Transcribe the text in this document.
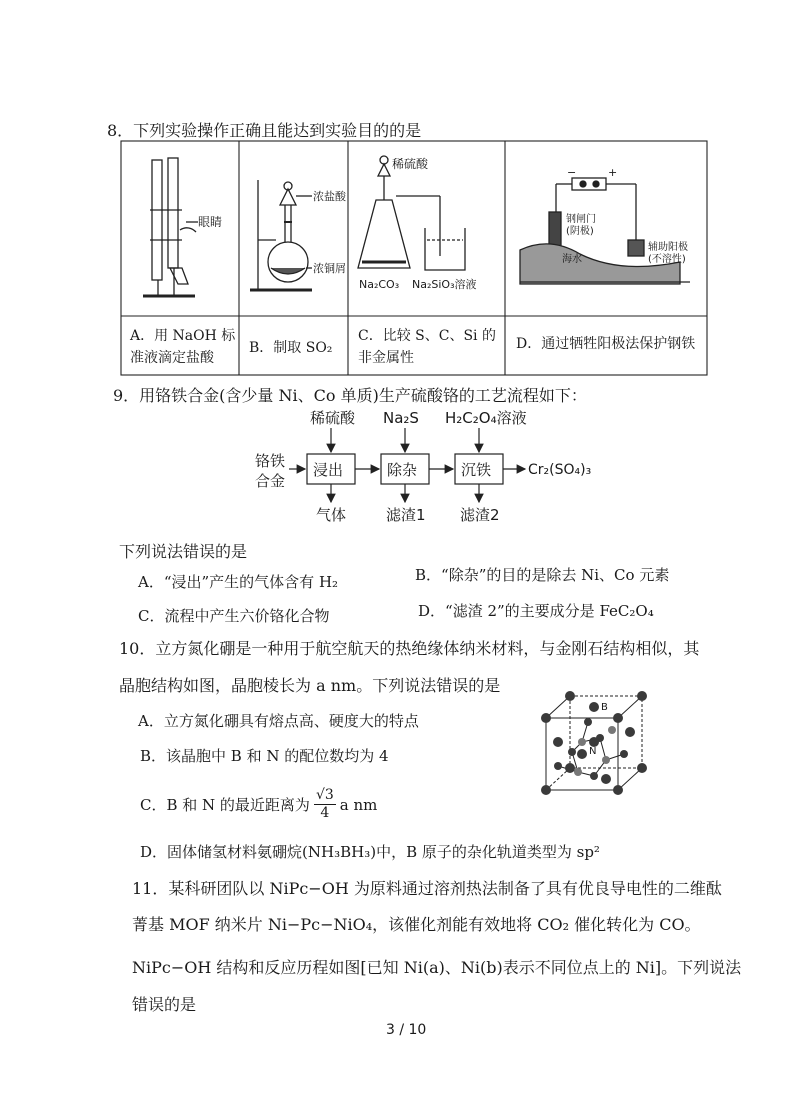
8．下列实验操作正确且能达到实验目的的是
眼睛
浓盐酸
浓铜屑
稀硫酸
Na₂CO₃ Na₂SiO₃溶液
−	+
钢闸门
(阴极)
海水
辅助阳极
(不溶性)
A．用 NaOH 标
准液滴定盐酸
B．制取 SO₂
C．比较 S、C、Si 的
非金属性
D．通过牺牲阳极法保护钢铁
9．用铬铁合金(含少量 Ni、Co 单质)生产硫酸铬的工艺流程如下：
浸出	除杂	沉铁
铬铁
合金
稀硫酸 Na₂S H₂C₂O₄溶液
气体	滤渣1 滤渣2
Cr₂(SO₄)₃
下列说法错误的是
A．“浸出”产生的气体含有 H₂	B．“除杂”的目的是除去 Ni、Co 元素
C．流程中产生六价铬化合物	D．“滤渣 2”的主要成分是 FeC₂O₄
10．立方氮化硼是一种用于航空航天的热绝缘体纳米材料，与金刚石结构相似，其
晶胞结构如图，晶胞棱长为 a nm。下列说法错误的是
A．立方氮化硼具有熔点高、硬度大的特点
B．该晶胞中 B 和 N 的配位数均为 4
C．B 和 N 的最近距离为 $\frac{√3}{4}$ a nm
D．固体储氢材料氨硼烷(NH₃BH₃)中，B 原子的杂化轨道类型为 sp²
B
N
11．某科研团队以 NiPc−OH 为原料通过溶剂热法制备了具有优良导电性的二维酞
菁基 MOF 纳米片 Ni−Pc−NiO₄，该催化剂能有效地将 CO₂ 催化转化为 CO。
NiPc−OH 结构和反应历程如图[已知 Ni(a)、Ni(b)表示不同位点上的 Ni]。下列说法
错误的是
3 / 10
